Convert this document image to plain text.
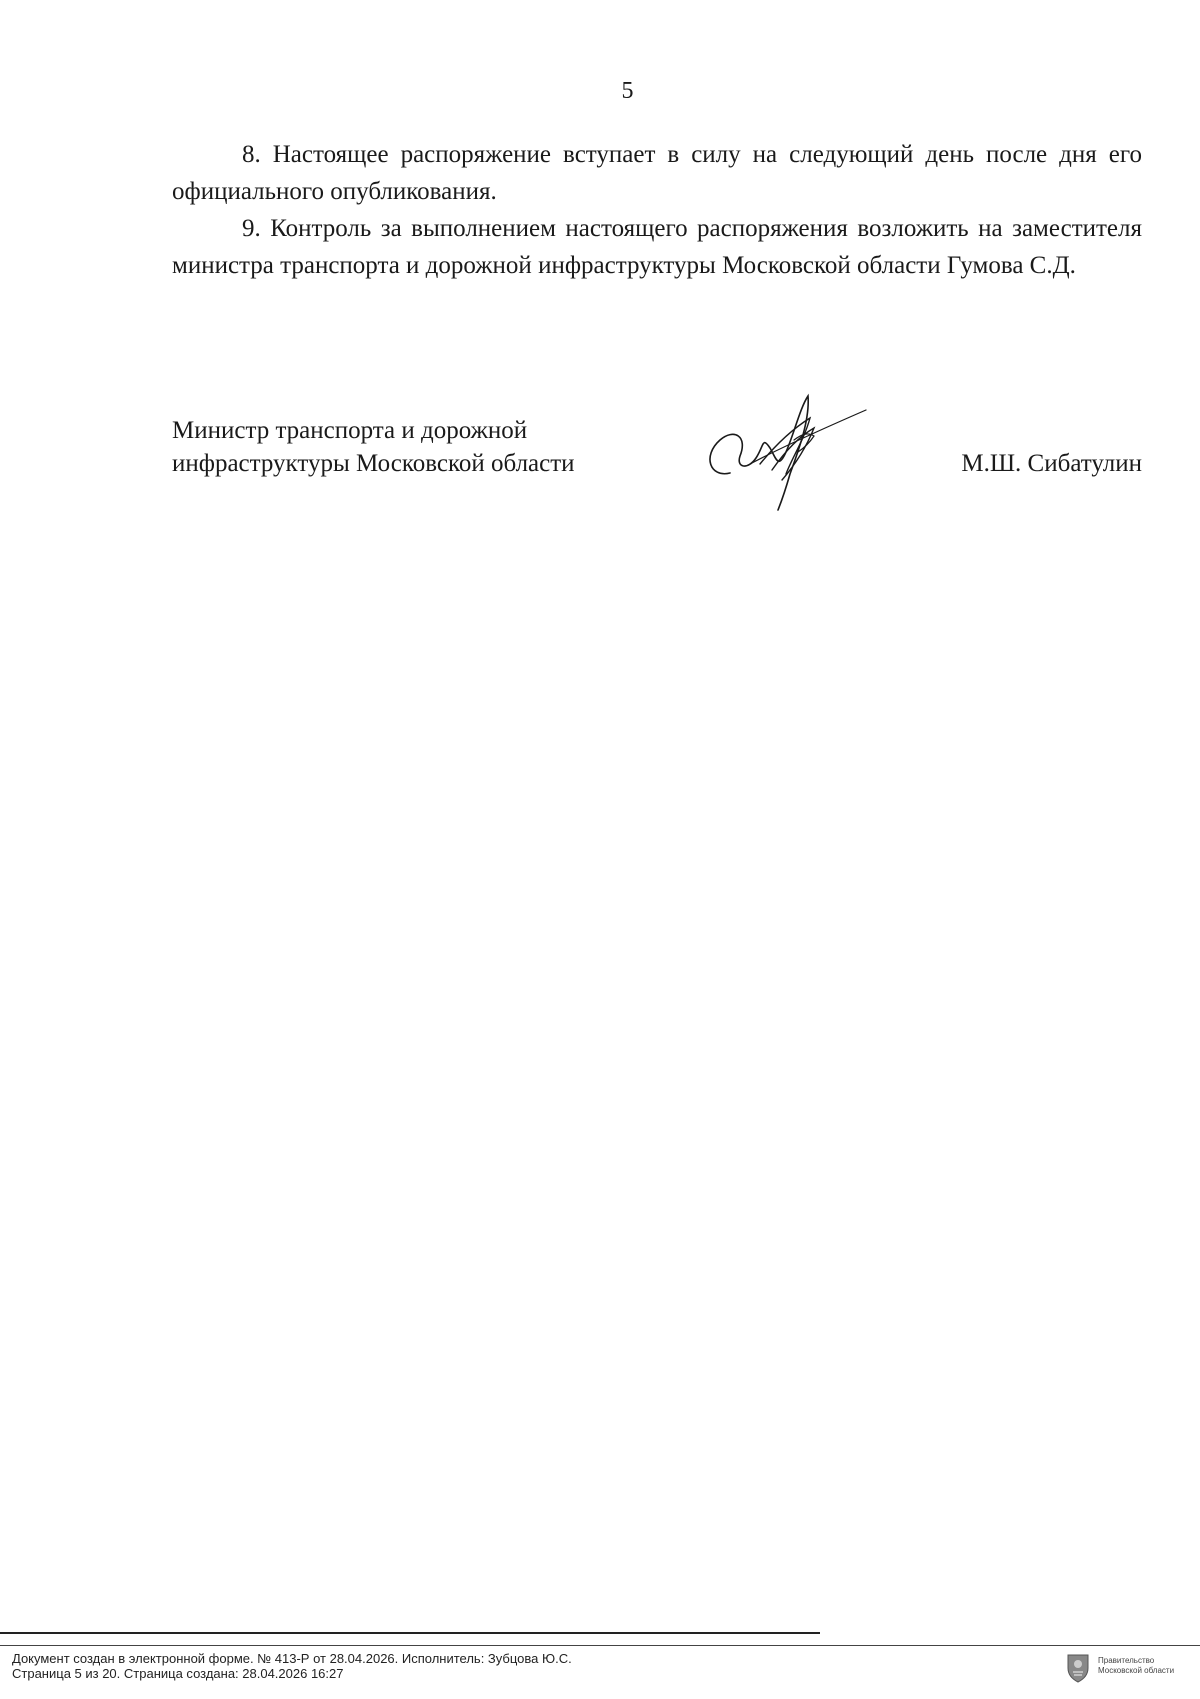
5

8. Настоящее распоряжение вступает в силу на следующий день после дня его официального опубликования.

9. Контроль за выполнением настоящего распоряжения возложить на заместителя министра транспорта и дорожной инфраструктуры Московской области Гумова С.Д.

Министр транспорта и дорожной
инфраструктуры Московской области	М.Ш. Сибатулин
Документ создан в электронной форме. № 413-Р от 28.04.2026. Исполнитель: Зубцова Ю.С.
Страница 5 из 20. Страница создана: 28.04.2026 16:27
Правительство
Московской области
